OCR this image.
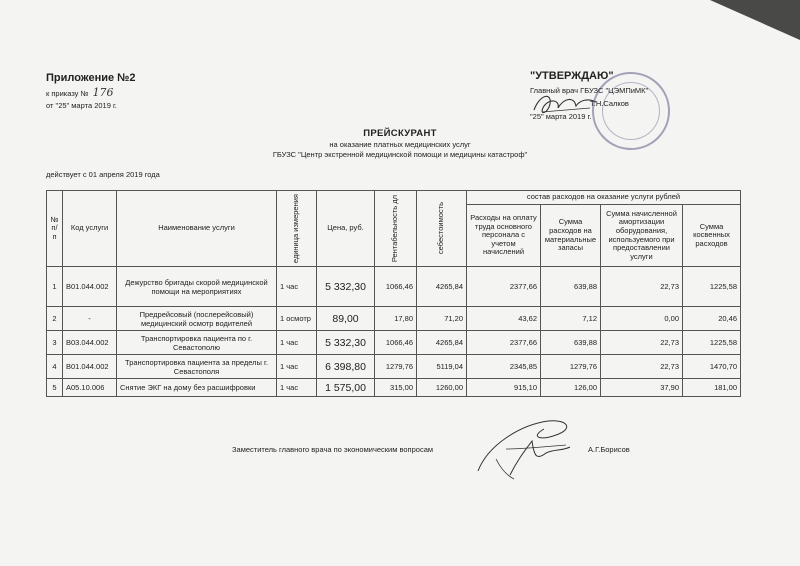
Приложение №2
к приказу № 176
от "25" марта 2019 г.
"УТВЕРЖДАЮ"
Главный врач ГБУЗС "ЦЭМПиМК"
Т.Н.Салков
"25" марта 2019 г.
ПРЕЙСКУРАНТ
на оказание платных медицинских услуг
ГБУЗС "Центр экстренной медицинской помощи и медицины катастроф"
действует с 01 апреля 2019 года
№ п/п	Код услуги	Наименование услуги	единица измерения	Цена, руб.	Рентабельность дл	себестоимость	состав расходов на оказание услуги рублей			
							Расходы на оплату труда основного персонала с учетом начислений	Сумма расходов на материальные запасы	Сумма начисленной амортизации оборудования, используемого при предоставлении услуги	Сумма косвенных расходов
1	В01.044.002	Дежурство бригады скорой медицинской помощи на мероприятиях	1 час	5 332,30	1066,46	4265,84	2377,66	639,88	22,73	1225,58
2	-	Предрейсовый (послерейсовый) медицинский осмотр водителей	1 осмотр	89,00	17,80	71,20	43,62	7,12	0,00	20,46
3	В03.044.002	Транспортировка пациента по г. Севастополю	1 час	5 332,30	1066,46	4265,84	2377,66	639,88	22,73	1225,58
4	В01.044.002	Транспортировка пациента за пределы г. Севастополя	1 час	6 398,80	1279,76	5119,04	2345,85	1279,76	22,73	1470,70
5	А05.10.006	Снятие ЭКГ на дому без расшифровки	1 час	1 575,00	315,00	1260,00	915,10	126,00	37,90	181,00
Заместитель главного врача по экономическим вопросам	А.Г.Борисов
